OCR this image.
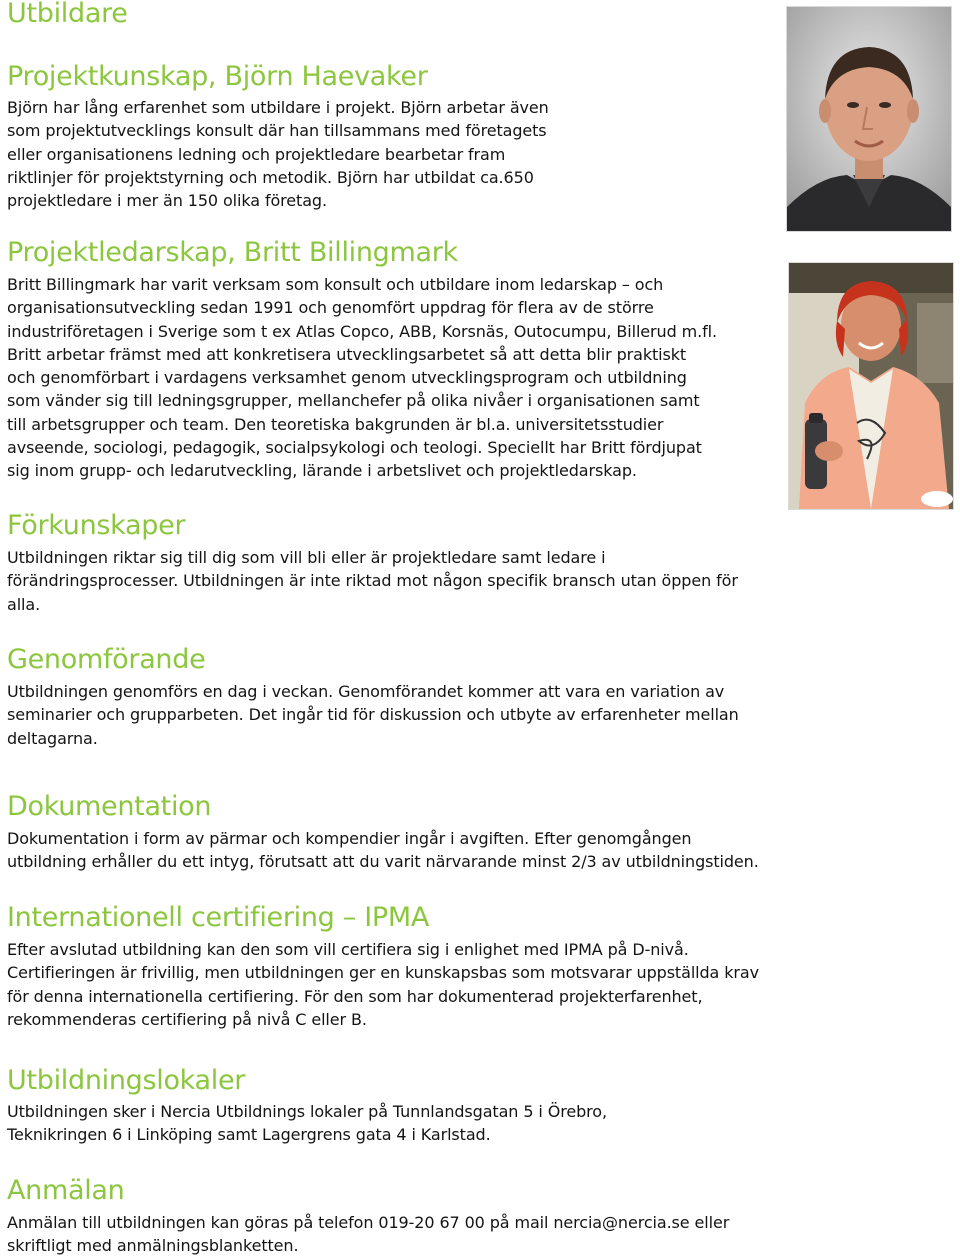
Utbildare
Projektkunskap, Björn Haevaker
Björn har lång erfarenhet som utbildare i projekt. Björn arbetar även
som projektutvecklings konsult där han tillsammans med företagets
eller organisationens ledning och projektledare bearbetar fram
riktlinjer för projektstyrning och metodik. Björn har utbildat ca.650
projektledare i mer än 150 olika företag.
Projektledarskap, Britt Billingmark
Britt Billingmark har varit verksam som konsult och utbildare inom ledarskap – och
organisationsutveckling sedan 1991 och genomfört uppdrag för flera av de större
industriföretagen i Sverige som t ex Atlas Copco, ABB, Korsnäs, Outocumpu, Billerud m.fl.
Britt arbetar främst med att konkretisera utvecklingsarbetet så att detta blir praktiskt
och genomförbart i vardagens verksamhet genom utvecklingsprogram och utbildning
som vänder sig till ledningsgrupper, mellanchefer på olika nivåer i organisationen samt
till arbetsgrupper och team. Den teoretiska bakgrunden är bl.a. universitetsstudier
avseende, sociologi, pedagogik, socialpsykologi och teologi. Speciellt har Britt fördjupat
sig inom grupp- och ledarutveckling, lärande i arbetslivet och projektledarskap.
Förkunskaper
Utbildningen riktar sig till dig som vill bli eller är projektledare samt ledare i
förändringsprocesser. Utbildningen är inte riktad mot någon specifik bransch utan öppen för
alla.
Genomförande
Utbildningen genomförs en dag i veckan. Genomförandet kommer att vara en variation av
seminarier och grupparbeten. Det ingår tid för diskussion och utbyte av erfarenheter mellan
deltagarna.
Dokumentation
Dokumentation i form av pärmar och kompendier ingår i avgiften. Efter genomgången
utbildning erhåller du ett intyg, förutsatt att du varit närvarande minst 2/3 av utbildningstiden.
Internationell certifiering – IPMA
Efter avslutad utbildning kan den som vill certifiera sig i enlighet med IPMA på D-nivå.
Certifieringen är frivillig, men utbildningen ger en kunskapsbas som motsvarar uppställda krav
för denna internationella certifiering. För den som har dokumenterad projekterfarenhet,
rekommenderas certifiering på nivå C eller B.
Utbildningslokaler
Utbildningen sker i Nercia Utbildnings lokaler på Tunnlandsgatan 5 i Örebro,
Teknikringen 6 i Linköping samt Lagergrens gata 4 i Karlstad.
Anmälan
Anmälan till utbildningen kan göras på telefon 019-20 67 00 på mail nercia@nercia.se eller
skriftligt med anmälningsblanketten.
